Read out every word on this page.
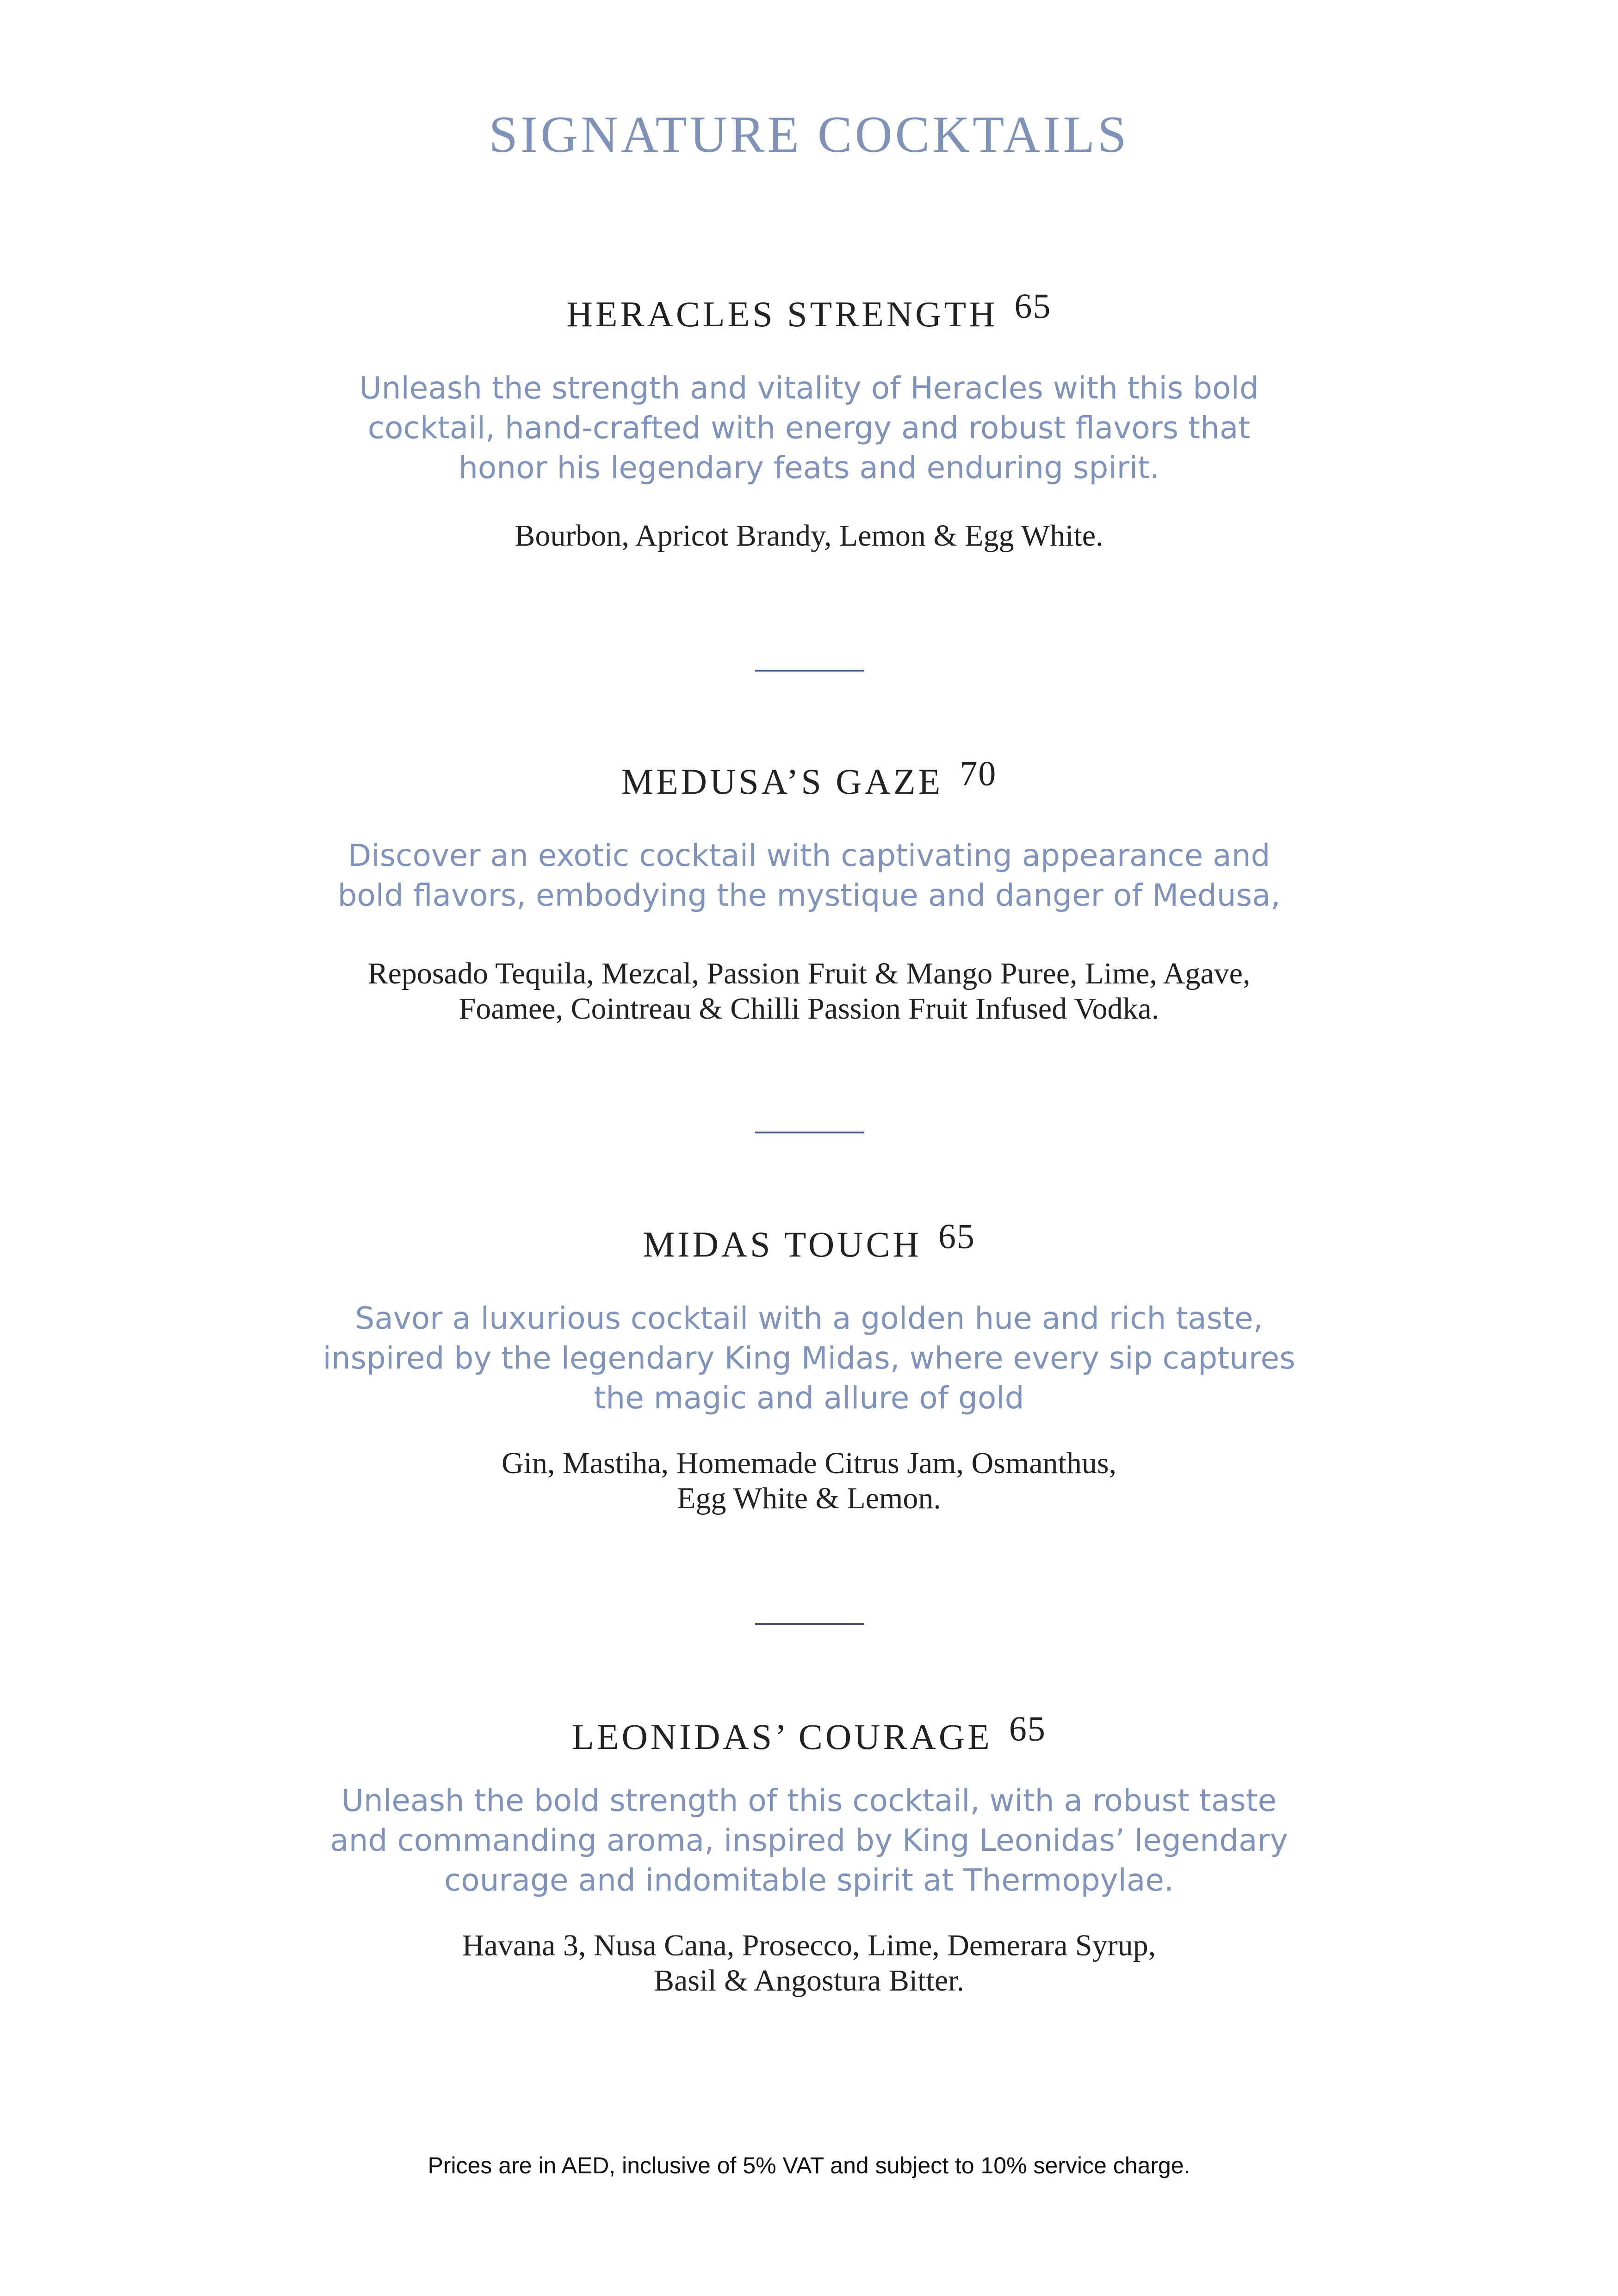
SIGNATURE COCKTAILS
HERACLES STRENGTH 65
Unleash the strength and vitality of Heracles with this bold
cocktail, hand-crafted with energy and robust flavors that
honor his legendary feats and enduring spirit.
Bourbon, Apricot Brandy, Lemon & Egg White.
MEDUSA’S GAZE 70
Discover an exotic cocktail with captivating appearance and
bold flavors, embodying the mystique and danger of Medusa,
Reposado Tequila, Mezcal, Passion Fruit & Mango Puree, Lime, Agave,
Foamee, Cointreau & Chilli Passion Fruit Infused Vodka.
MIDAS TOUCH 65
Savor a luxurious cocktail with a golden hue and rich taste,
inspired by the legendary King Midas, where every sip captures
the magic and allure of gold
Gin, Mastiha, Homemade Citrus Jam, Osmanthus,
Egg White & Lemon.
LEONIDAS’ COURAGE 65
Unleash the bold strength of this cocktail, with a robust taste
and commanding aroma, inspired by King Leonidas’ legendary
courage and indomitable spirit at Thermopylae.
Havana 3, Nusa Cana, Prosecco, Lime, Demerara Syrup,
Basil & Angostura Bitter.
Prices are in AED, inclusive of 5% VAT and subject to 10% service charge.
